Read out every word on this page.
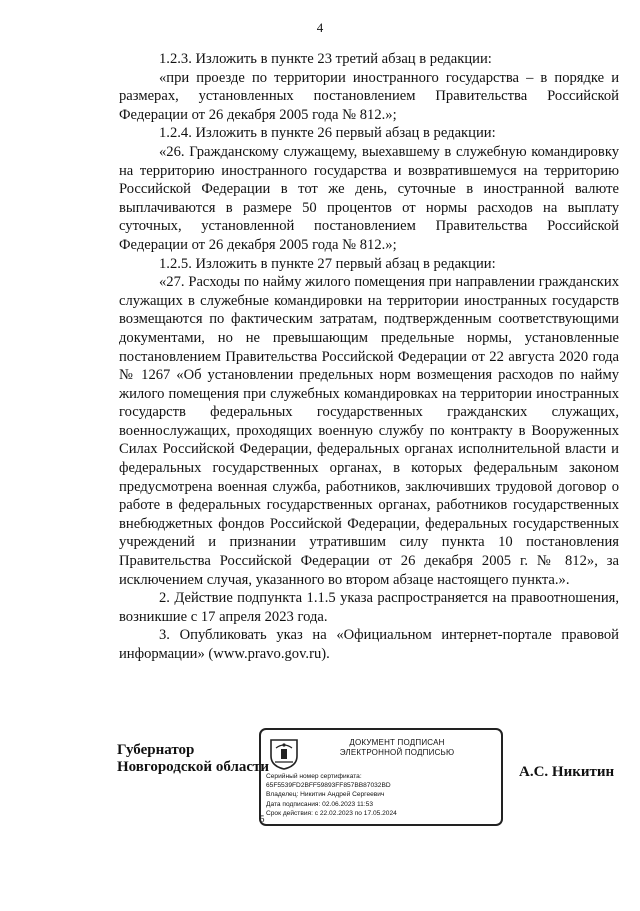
4

1.2.3. Изложить в пункте 23 третий абзац в редакции:

«при проезде по территории иностранного государства – в порядке и размерах, установленных постановлением Правительства Российской Федерации от 26 декабря 2005 года № 812.»;

1.2.4. Изложить в пункте 26 первый абзац в редакции:

«26. Гражданскому служащему, выехавшему в служебную командировку на территорию иностранного государства и возвратившемуся на территорию Российской Федерации в тот же день, суточные в иностранной валюте выплачиваются в размере 50 процентов от нормы расходов на выплату суточных, установленной постановлением Правительства Российской Федерации от 26 декабря 2005 года № 812.»;

1.2.5. Изложить в пункте 27 первый абзац в редакции:

«27. Расходы по найму жилого помещения при направлении гражданских служащих в служебные командировки на территории иностранных государств возмещаются по фактическим затратам, подтвержденным соответствующими документами, но не превышающим предельные нормы, установленные постановлением Правительства Российской Федерации от 22 августа 2020 года № 1267 «Об установлении предельных норм возмещения расходов по найму жилого помещения при служебных командировках на территории иностранных государств федеральных государственных гражданских служащих, военнослужащих, проходящих военную службу по контракту в Вооруженных Силах Российской Федерации, федеральных органах исполнительной власти и федеральных государственных органах, в которых федеральным законом предусмотрена военная служба, работников, заключивших трудовой договор о работе в федеральных государственных органах, работников государственных внебюджетных фондов Российской Федерации, федеральных государственных учреждений и признании утратившим силу пункта 10 постановления Правительства Российской Федерации от 26 декабря 2005 г. № 812», за исключением случая, указанного во втором абзаце настоящего пункта.».

2. Действие подпункта 1.1.5 указа распространяется на правоотношения, возникшие с 17 апреля 2023 года.

3. Опубликовать указ на «Официальном интернет-портале правовой информации» (www.pravo.gov.ru).

Губернатор
Новгородской области
ДОКУМЕНТ ПОДПИСАН
ЭЛЕКТРОННОЙ ПОДПИСЬЮ
Серийный номер сертификата:
65F5539FD2BFF59893FF857BB87032BD
Владелец: Никитин Андрей Сергеевич
Дата подписания: 02.06.2023 11:53
Срок действия: с 22.02.2023 по 17.05.2024
А.С. Никитин
5
